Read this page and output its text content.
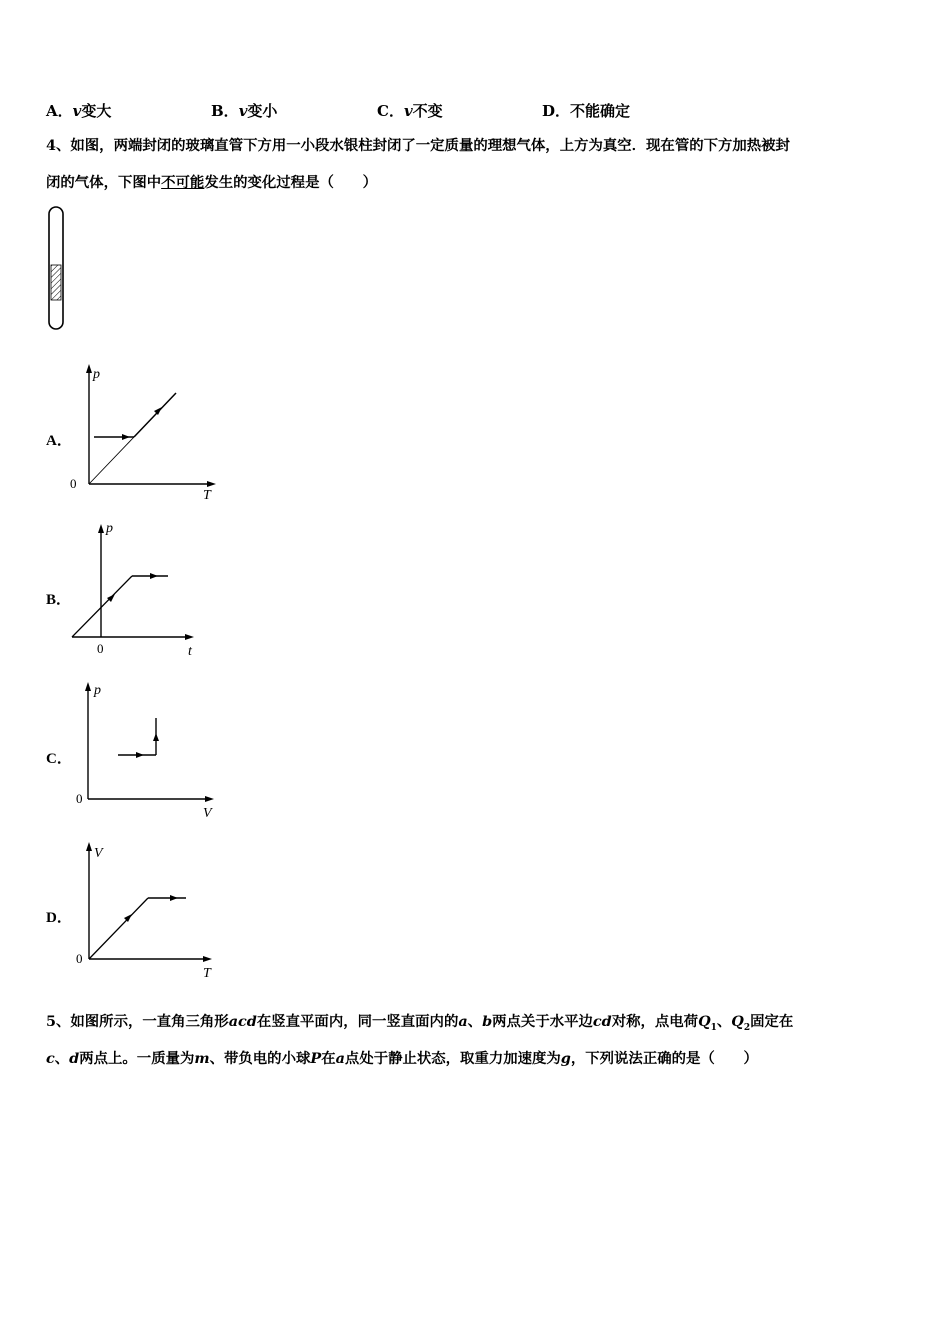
A．v变大	B．v变小	C．v不变	D．不能确定
4、如图，两端封闭的玻璃直管下方用一小段水银柱封闭了一定质量的理想气体，上方为真空．现在管的下方加热被封
闭的气体，下图中不可能发生的变化过程是（　　）
A．
0
p
T
B．
0
p
t
C．
0
p
V
D．
0
V
T
5、如图所示，一直角三角形acd在竖直平面内，同一竖直面内的a、b两点关于水平边cd对称，点电荷$Q_1$、$Q_2$固定在
c、d两点上。一质量为m、带负电的小球P在a点处于静止状态，取重力加速度为g，下列说法正确的是（　　）
